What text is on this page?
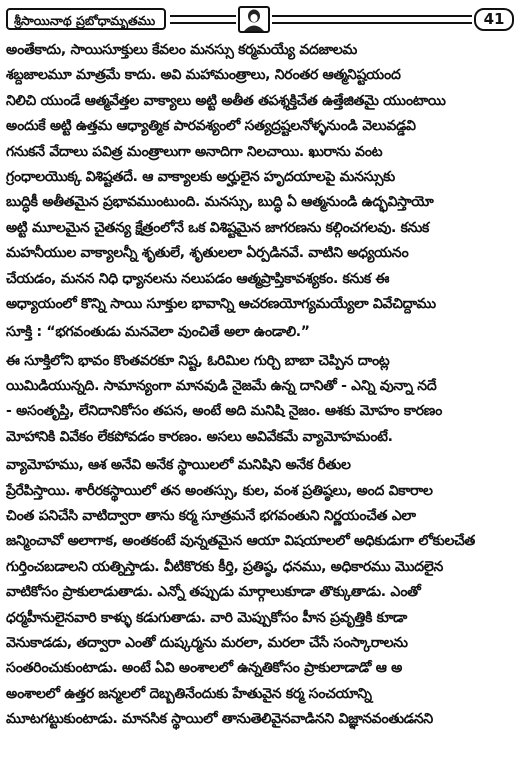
శ్రీసాయినాథ ప్రబోధామృతము	41
అంతేకాదు, సాయిసూక్తులు కేవలం మనస్సు కర్మమయ్యే వదజాలమ
శబ్దజాలమూ మాత్రమే కాదు. అవి మహామంత్రాలు, నిరంతర ఆత్మనిష్టయంద
నిలిచి యుండే ఆత్మవేత్తల వాక్యాలు అట్టి అతీత తపశ్శక్తిచేత ఉత్తేజితమై యుంటాయి
అందుకే అట్టి ఉత్తమ ఆధ్యాత్మిక పారవశ్యంలో సత్యద్రష్టలనోళ్ళనుండి వెలువడ్డవి
గనుకనే వేదాలు పవిత్ర మంత్రాలుగా అనాదిగా నిలచాయి. ఖురాను వంట
గ్రంధాలయొక్క విశిష్టతదే. ఆ వాక్యాలకు అర్హులైన హృదయాలపై మనస్సుకు
బుద్ధికీ అతీతమైన ప్రభావముంటుంది. మనస్సు, బుద్ధి ఏ ఆత్మనుండి ఉద్భవిస్తాయో
అట్టి మూలమైన చైతన్య క్షేత్రంలోనే ఒక విశిష్టమైన జాగరణను కల్గించగలవు. కనుక
మహనీయుల వాక్యాలన్నీ శృతులే, శృతులలా ఏర్పడినవే. వాటిని అధ్యయనం
చేయడం, మనన నిధి ధ్యానలను నలుపడం ఆత్మప్రాప్తికావశ్యకం. కనుక ఈ
అధ్యాయంలో కొన్ని సాయి సూక్తుల భావాన్ని ఆచరణయోగ్యమయ్యేలా వివేచిద్దాము
సూక్తి : “భగవంతుడు మనవెలా వుంచితే అలా ఉండాలి.”
ఈ సూక్తిలోని భావం కొంతవరకూ నిష్ట, ఓరిమిల గుర్చి బాబా చెప్పిన దాంట్ల
యిమిడియున్నది. సామాన్యంగా మానవుడి నైజమే ఉన్న దానితో - ఎన్ని వున్నా నదే
- అసంతృప్తి, లేనిదానికోసం తపన, అంటే అది మనిషి నైజం. ఆశకు మోహం కారణం
మోహానికి వివేకం లేకపోవడం కారణం. అసలు అవివేకమే వ్యామోహమంటే.
వ్యామోహము, ఆశ అనేవి అనేక స్థాయిలలో మనిషిని అనేక రీతుల
ప్రేరేపిస్తాయి. శారీరకస్థాయిలో తన అంతస్సు, కుల, వంశ ప్రతిష్ఠలు, అంద వికారాల
చింత పనిచేసి వాటిద్వారా తాను కర్మ సూత్రమనే భగవంతుని నిర్ణయంచేత ఎలా
జన్మించావో అలాగాక, అంతకంటే వున్నతమైన ఆయా విషయాలలో అధికుడుగా లోకులచేత
గుర్తించబడాలని యత్నిస్తాడు. వీటికొరకు కీర్తి, ప్రతిష్ఠ, ధనము, అధికారము మొదలైన
వాటికోసం ప్రాకులాడుతాడు. ఎన్నో తప్పుడు మార్గాలుకూడా తొక్కుతాడు. ఎంతో
ధర్మహీనులైనవారి కాళ్ళు కడుగుతాడు. వారి మెప్పుకోసం హీన ప్రవృత్తికి కూడా
వెనుకాడడు, తద్వారా ఎంతో దుష్కర్మను మరలా, మరలా చేసే సంస్కారాలను
సంతరించుకుంటాడు. అంటే ఏవి అంశాలలో ఉన్నతికోసం ప్రాకులాడాడో ఆ అ
అంశాలలో ఉత్తర జన్మలలో దెబ్బతినేందుకు హేతువైన కర్మ సంచయాన్ని
మూటగట్టుకుంటాడు. మానసిక స్థాయిలో తానుతెలివైనవాడినని విజ్ఞానవంతుడనని
